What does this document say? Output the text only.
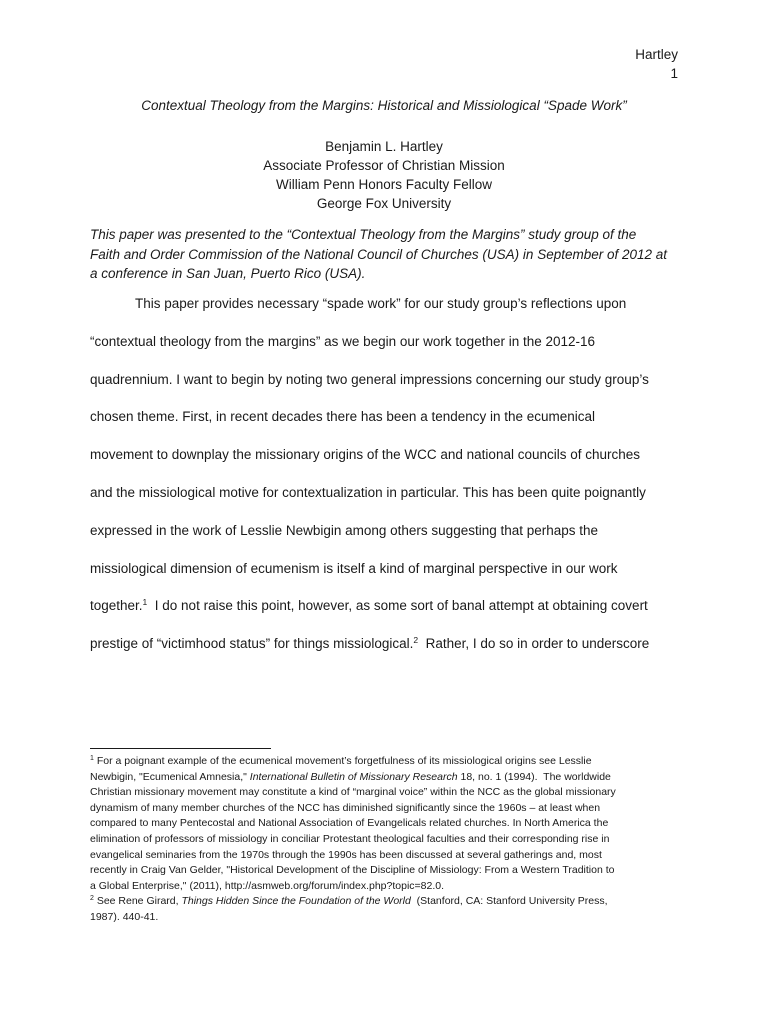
Hartley
1
Contextual Theology from the Margins: Historical and Missiological “Spade Work”
Benjamin L. Hartley
Associate Professor of Christian Mission
William Penn Honors Faculty Fellow
George Fox University
This paper was presented to the “Contextual Theology from the Margins” study group of the
Faith and Order Commission of the National Council of Churches (USA) in September of 2012 at
a conference in San Juan, Puerto Rico (USA).
This paper provides necessary “spade work” for our study group’s reflections upon
“contextual theology from the margins” as we begin our work together in the 2012-16
quadrennium. I want to begin by noting two general impressions concerning our study group’s
chosen theme. First, in recent decades there has been a tendency in the ecumenical
movement to downplay the missionary origins of the WCC and national councils of churches
and the missiological motive for contextualization in particular. This has been quite poignantly
expressed in the work of Lesslie Newbigin among others suggesting that perhaps the
missiological dimension of ecumenism is itself a kind of marginal perspective in our work
together.$^1$  I do not raise this point, however, as some sort of banal attempt at obtaining covert
prestige of “victimhood status” for things missiological.$^2$  Rather, I do so in order to underscore
$^1$ For a poignant example of the ecumenical movement’s forgetfulness of its missiological origins see Lesslie
Newbigin, "Ecumenical Amnesia," International Bulletin of Missionary Research 18, no. 1 (1994).  The worldwide
Christian missionary movement may constitute a kind of “marginal voice” within the NCC as the global missionary
dynamism of many member churches of the NCC has diminished significantly since the 1960s – at least when
compared to many Pentecostal and National Association of Evangelicals related churches. In North America the
elimination of professors of missiology in conciliar Protestant theological faculties and their corresponding rise in
evangelical seminaries from the 1970s through the 1990s has been discussed at several gatherings and, most
recently in Craig Van Gelder, "Historical Development of the Discipline of Missiology: From a Western Tradition to
a Global Enterprise," (2011), http://asmweb.org/forum/index.php?topic=82.0.
$^2$ See Rene Girard, Things Hidden Since the Foundation of the World  (Stanford, CA: Stanford University Press,
1987). 440-41.
